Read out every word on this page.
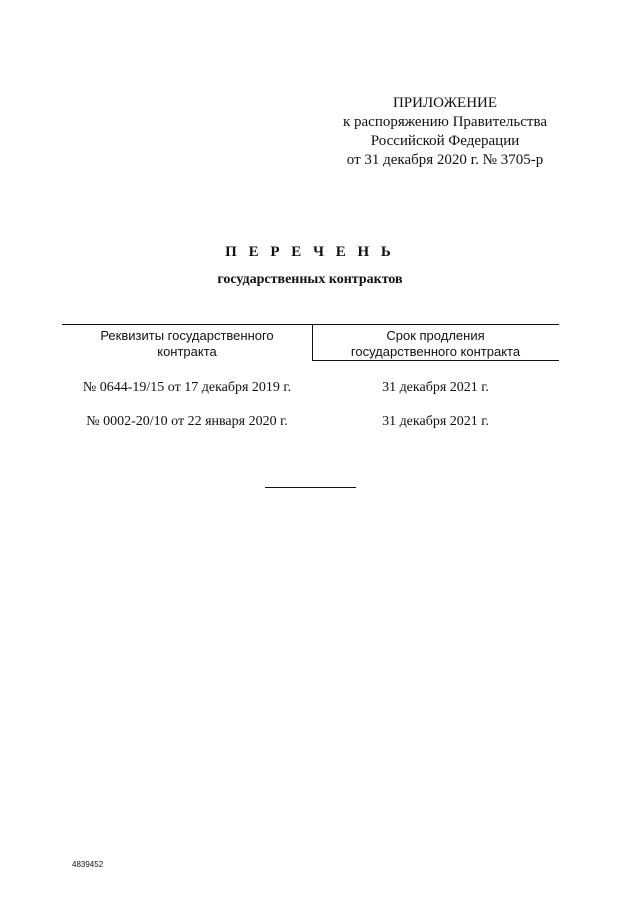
ПРИЛОЖЕНИЕ
к распоряжению Правительства
Российской Федерации
от 31 декабря 2020 г. № 3705-р
П Е Р Е Ч Е Н Ь
государственных контрактов
Реквизиты государственного
контракта
Срок продления
государственного контракта
№ 0644-19/15 от 17 декабря 2019 г.	31 декабря 2021 г.
№ 0002-20/10 от 22 января 2020 г.	31 декабря 2021 г.
4839452
